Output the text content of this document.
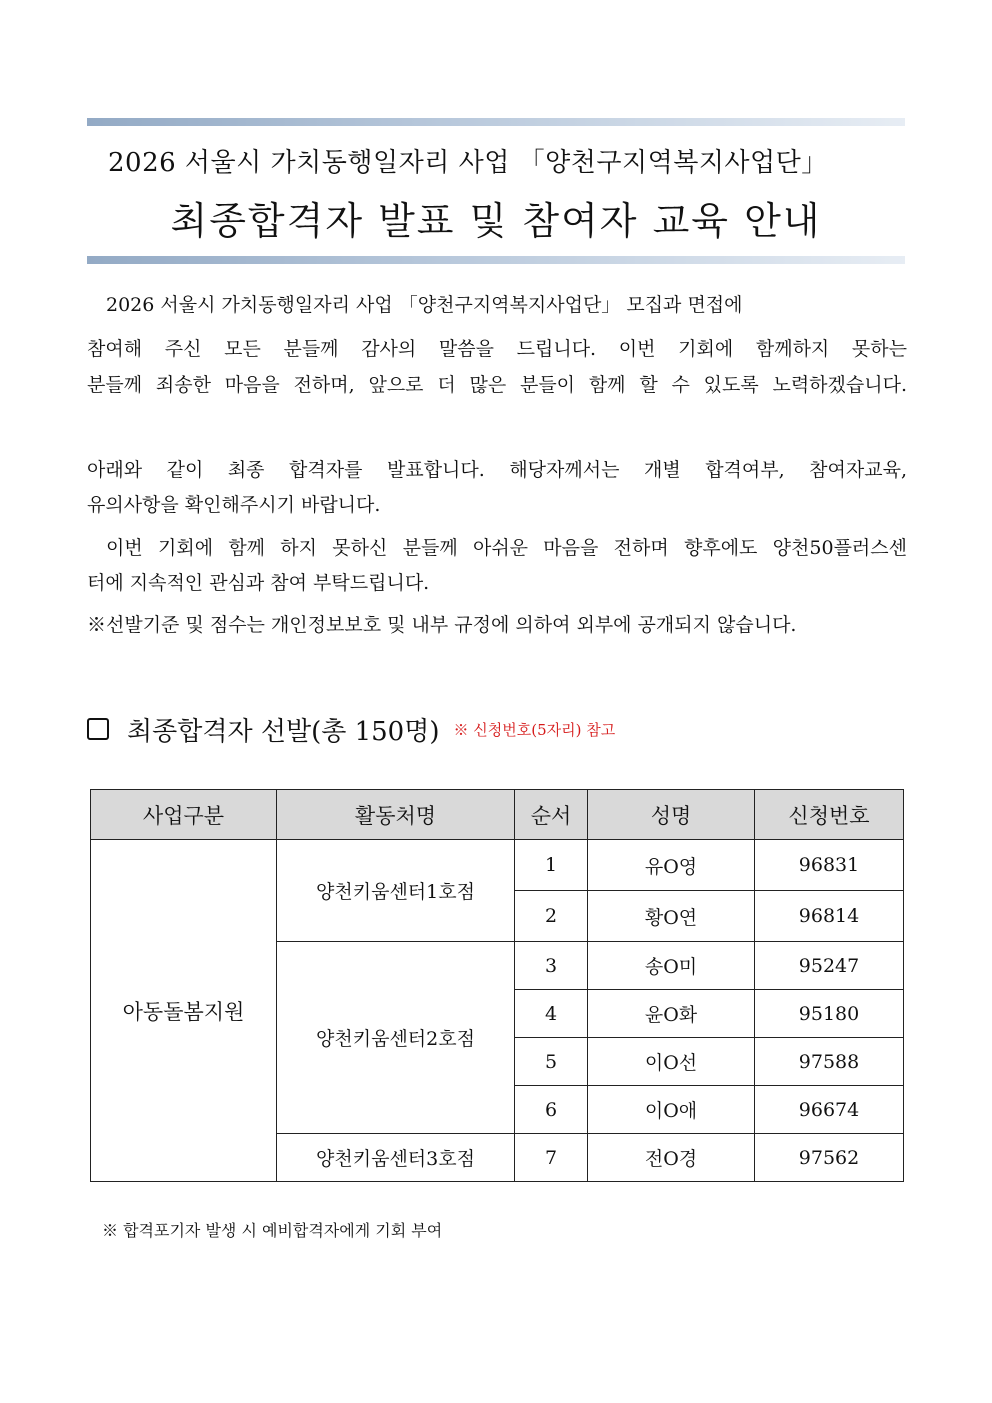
2026 서울시 가치동행일자리 사업 「양천구지역복지사업단」
최종합격자 발표 및 참여자 교육 안내
2026 서울시 가치동행일자리 사업 「양천구지역복지사업단」 모집과 면접에
참여해 주신 모든 분들께 감사의 말씀을 드립니다. 이번 기회에 함께하지 못하는
분들께 죄송한 마음을 전하며, 앞으로 더 많은 분들이 함께 할 수 있도록 노력하겠습니다.
아래와 같이 최종 합격자를 발표합니다. 해당자께서는 개별 합격여부, 참여자교육,
유의사항을 확인해주시기 바랍니다.
이번 기회에 함께 하지 못하신 분들께 아쉬운 마음을 전하며 향후에도 양천50플러스센
터에 지속적인 관심과 참여 부탁드립니다.
※선발기준 및 점수는 개인정보보호 및 내부 규정에 의하여 외부에 공개되지 않습니다.
최종합격자 선발(총 150명) ※ 신청번호(5자리) 참고
사업구분	활동처명	순서	성명	신청번호
아동돌봄지원	양천키움센터1호점	1	유O영	96831
		2	황O연	96814
	양천키움센터2호점	3	송O미	95247
		4	윤O화	95180
		5	이O선	97588
		6	이O애	96674
	양천키움센터3호점	7	전O경	97562
※ 합격포기자 발생 시 예비합격자에게 기회 부여
